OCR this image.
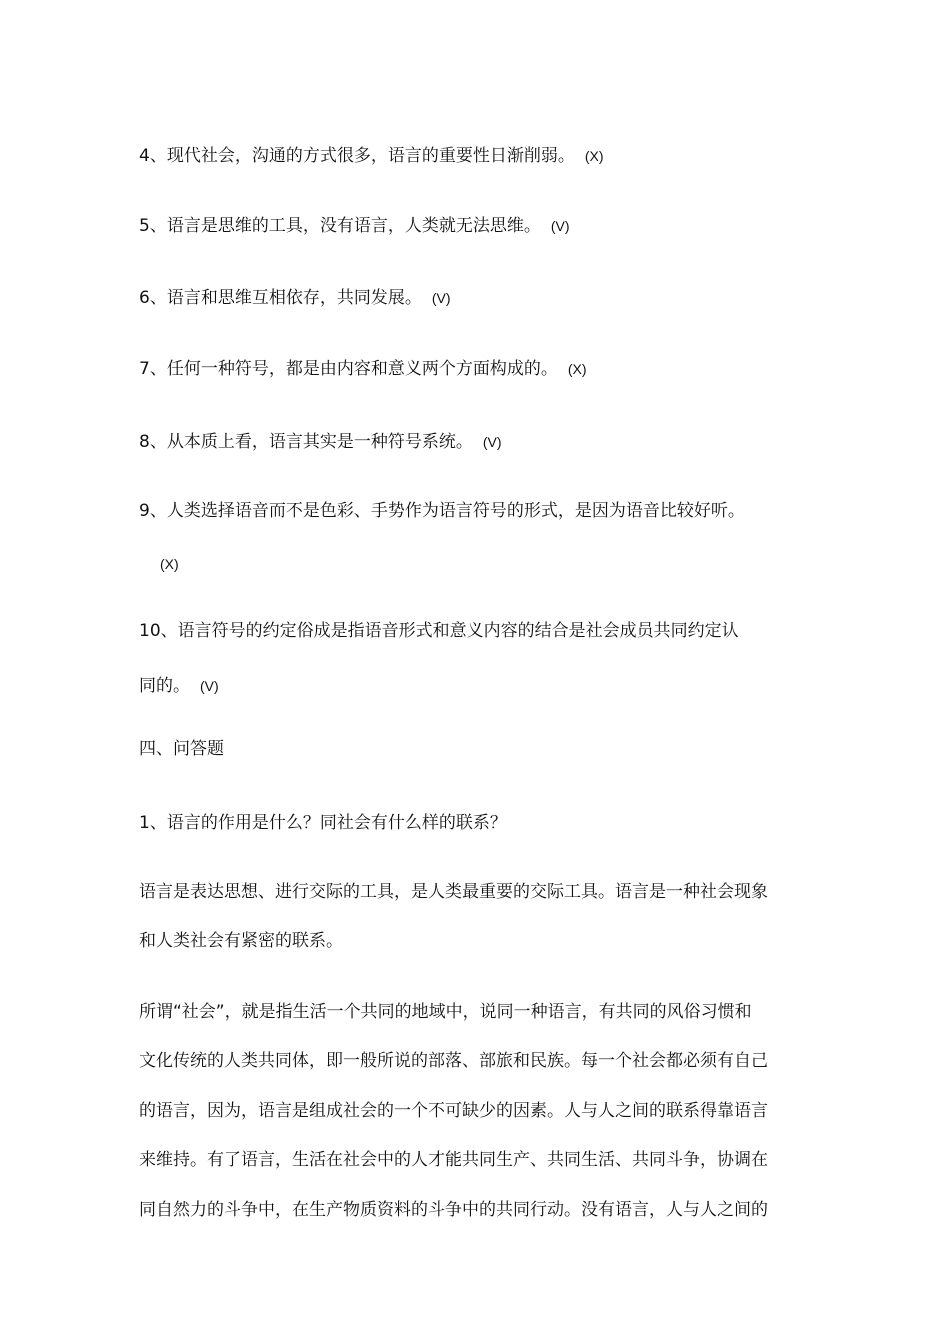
4、现代社会，沟通的方式很多，语言的重要性日渐削弱。 (X)
5、语言是思维的工具，没有语言，人类就无法思维。 (V)
6、语言和思维互相依存，共同发展。 (V)
7、任何一种符号，都是由内容和意义两个方面构成的。 (X)
8、从本质上看，语言其实是一种符号系统。 (V)
9、人类选择语音而不是色彩、手势作为语言符号的形式，是因为语音比较好听。
(X)
10、语言符号的约定俗成是指语音形式和意义内容的结合是社会成员共同约定认
同的。 (V)
四、问答题
1、语言的作用是什么？同社会有什么样的联系？
语言是表达思想、进行交际的工具，是人类最重要的交际工具。语言是一种社会现象
和人类社会有紧密的联系。
所谓“社会”，就是指生活一个共同的地域中，说同一种语言，有共同的风俗习惯和
文化传统的人类共同体，即一般所说的部落、部旅和民族。每一个社会都必须有自己
的语言，因为，语言是组成社会的一个不可缺少的因素。人与人之间的联系得靠语言
来维持。有了语言，生活在社会中的人才能共同生产、共同生活、共同斗争，协调在
同自然力的斗争中，在生产物质资料的斗争中的共同行动。没有语言，人与人之间的
